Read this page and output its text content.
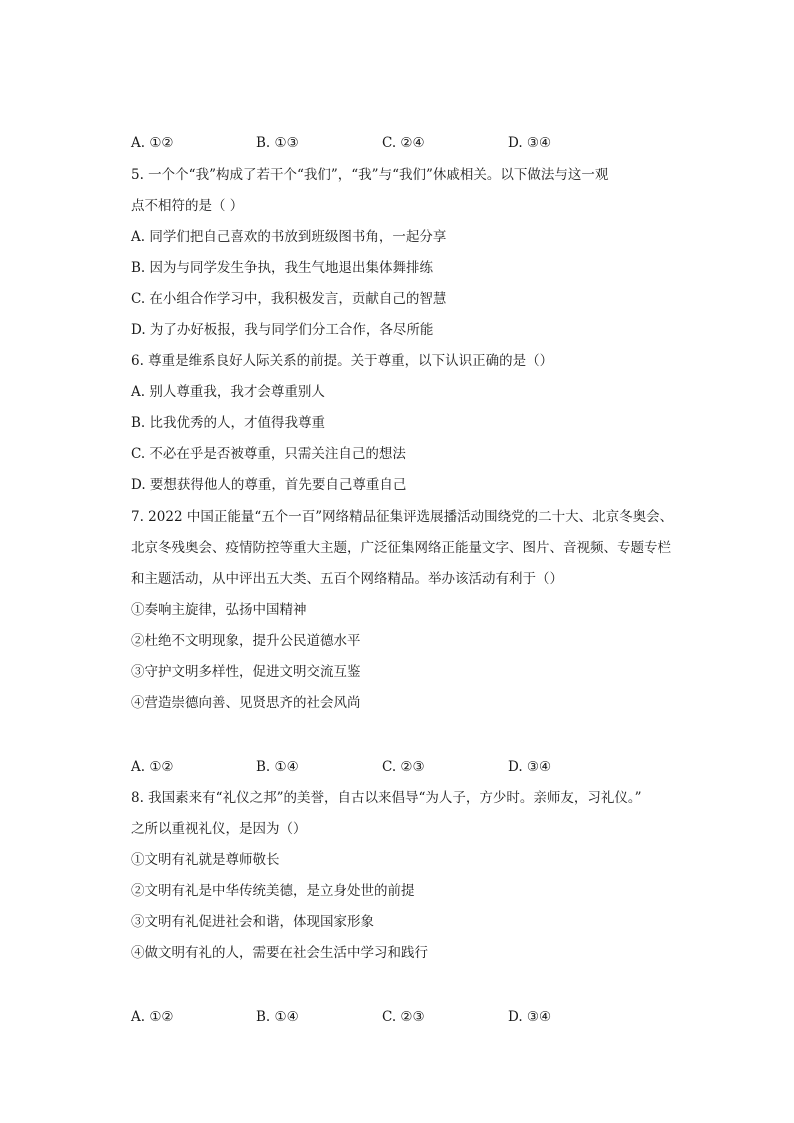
A. ①②	B. ①③	C. ②④	D. ③④
5. 一个个“我”构成了若干个“我们”，“我”与“我们”休戚相关。以下做法与这一观
点不相符的是（ ）
A. 同学们把自己喜欢的书放到班级图书角，一起分享
B. 因为与同学发生争执，我生气地退出集体舞排练
C. 在小组合作学习中，我积极发言，贡献自己的智慧
D. 为了办好板报，我与同学们分工合作，各尽所能
6. 尊重是维系良好人际关系的前提。关于尊重，以下认识正确的是（）
A. 别人尊重我，我才会尊重别人
B. 比我优秀的人，才值得我尊重
C. 不必在乎是否被尊重，只需关注自己的想法
D. 要想获得他人的尊重，首先要自己尊重自己
7. 2022 中国正能量“五个一百”网络精品征集评选展播活动围绕党的二十大、北京冬奥会、
北京冬残奥会、疫情防控等重大主题，广泛征集网络正能量文字、图片、音视频、专题专栏
和主题活动，从中评出五大类、五百个网络精品。举办该活动有利于（）
①奏响主旋律，弘扬中国精神
②杜绝不文明现象，提升公民道德水平
③守护文明多样性，促进文明交流互鉴
④营造崇德向善、见贤思齐的社会风尚
A. ①②	B. ①④	C. ②③	D. ③④
8. 我国素来有“礼仪之邦”的美誉，自古以来倡导“为人子，方少时。亲师友，习礼仪。”
之所以重视礼仪，是因为（）
①文明有礼就是尊师敬长
②文明有礼是中华传统美德，是立身处世的前提
③文明有礼促进社会和谐，体现国家形象
④做文明有礼的人，需要在社会生活中学习和践行
A. ①②	B. ①④	C. ②③	D. ③④
